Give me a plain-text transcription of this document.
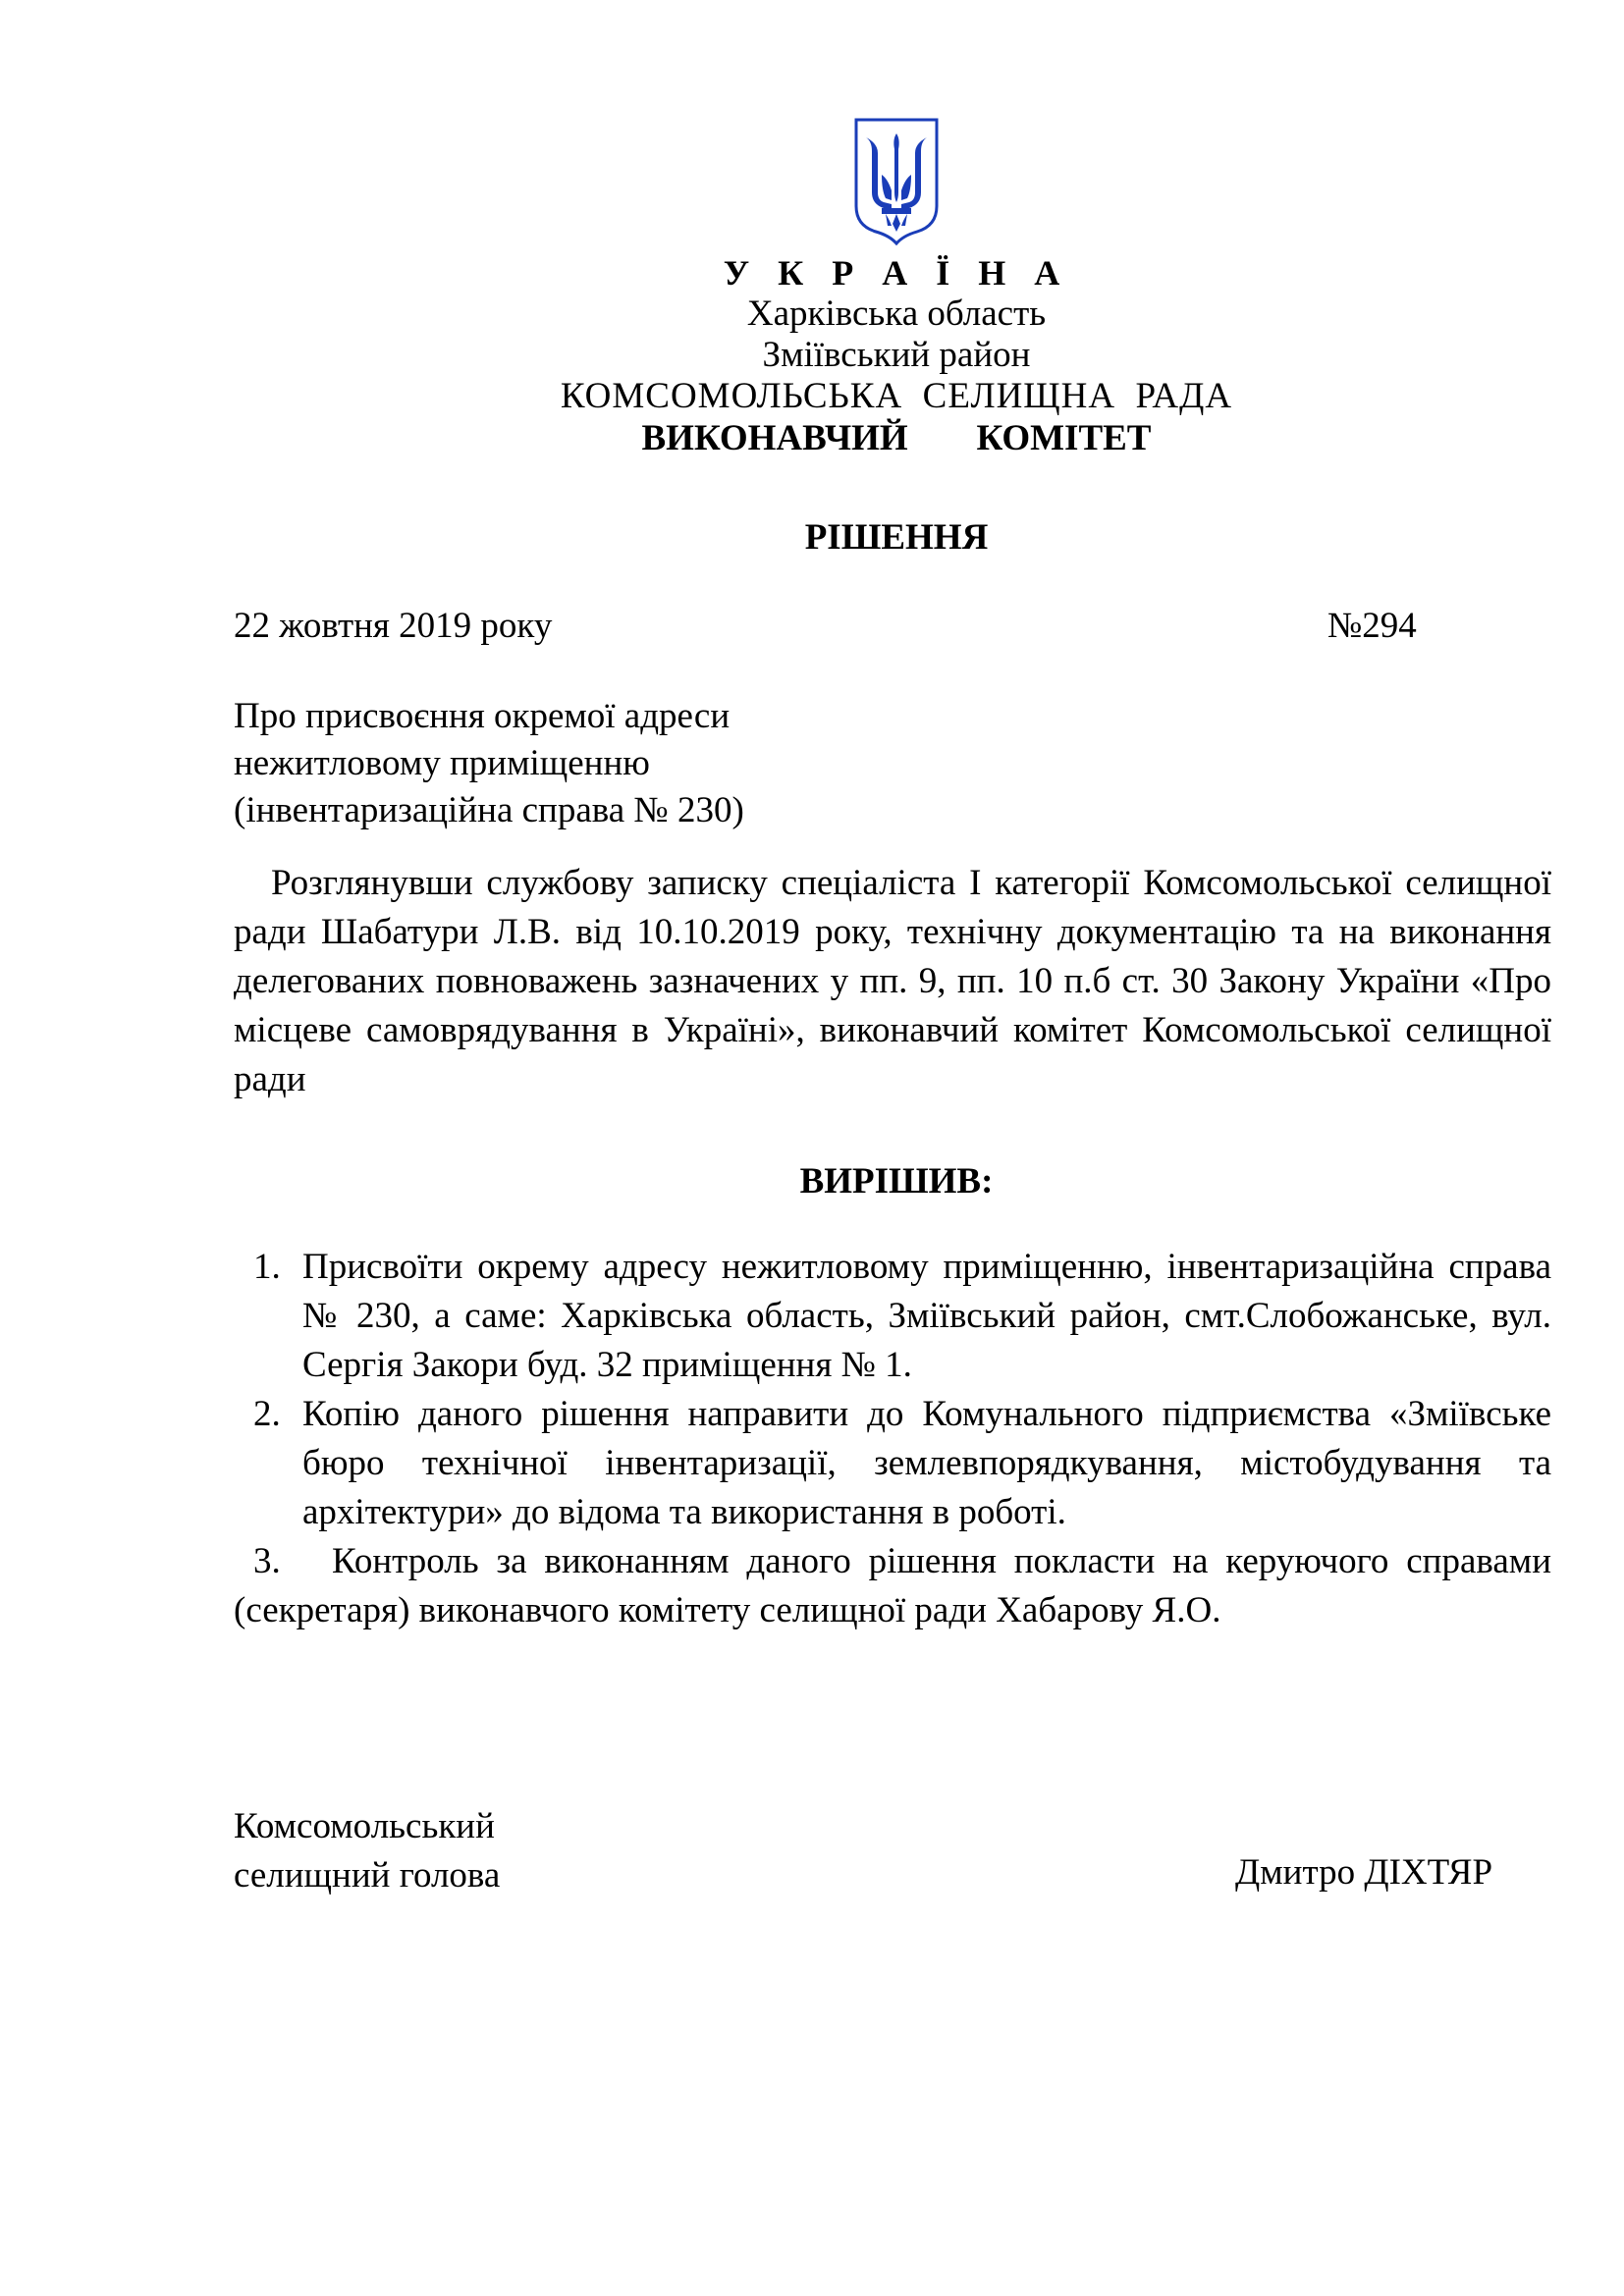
У К Р А Ї Н А
Харківська область
Зміївський район
КОМСОМОЛЬСЬКА  СЕЛИЩНА  РАДА
ВИКОНАВЧИЙ   КОМІТЕТ
РІШЕННЯ
22 жовтня 2019 року	№294
Про присвоєння окремої адреси
нежитловому приміщенню
(інвентаризаційна справа № 230)
Розглянувши службову записку спеціаліста І категорії Комсомольської селищної ради Шабатури Л.В. від 10.10.2019 року, технічну документацію та на виконання делегованих повноважень зазначених у пп. 9, пп. 10 п.б ст. 30 Закону України «Про місцеве самоврядування в Україні», виконавчий комітет Комсомольської селищної ради
ВИРІШИВ:
1. Присвоїти окрему адресу нежитловому приміщенню, інвентаризаційна справа № 230, а саме: Харківська область, Зміївський район, смт.Слобожанське, вул. Сергія Закори буд. 32 приміщення № 1.
2. Копію даного рішення направити до Комунального підприємства «Зміївське бюро технічної інвентаризації, землевпорядкування, містобудування та архітектури» до відома та використання в роботі.
3. Контроль за виконанням даного рішення покласти на керуючого справами (секретаря) виконавчого комітету селищної ради Хабарову Я.О.
Комсомольський
селищний голова	Дмитро ДІХТЯР
